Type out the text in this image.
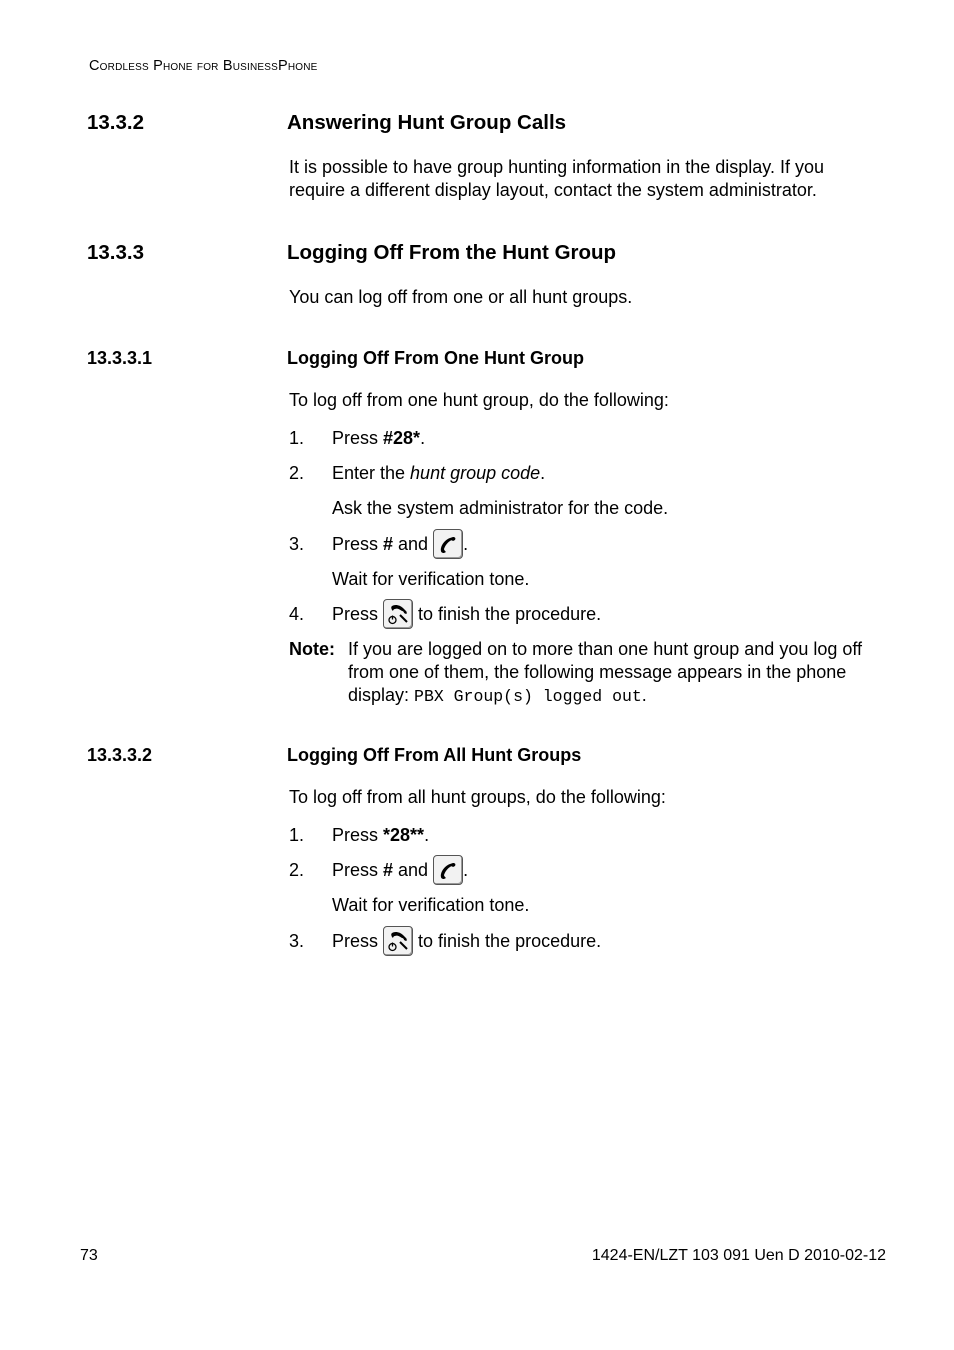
Cordless Phone for BusinessPhone
13.3.2	Answering Hunt Group Calls
It is possible to have group hunting information in the display. If you
require a different display layout, contact the system administrator.
13.3.3	Logging Off From the Hunt Group
You can log off from one or all hunt groups.
13.3.3.1	Logging Off From One Hunt Group
To log off from one hunt group, do the following:
1. Press #28*.
2. Enter the hunt group code.
Ask the system administrator for the code.
3. Press # and
.
Wait for verification tone.
4. Press
to finish the procedure.
Note: If you are logged on to more than one hunt group and you log off
from one of them, the following message appears in the phone
display: PBX Group(s) logged out.
13.3.3.2	Logging Off From All Hunt Groups
To log off from all hunt groups, do the following:
1. Press *28**.
2. Press # and
.
Wait for verification tone.
3. Press
to finish the procedure.
73	1424-EN/LZT 103 091 Uen D 2010-02-12
